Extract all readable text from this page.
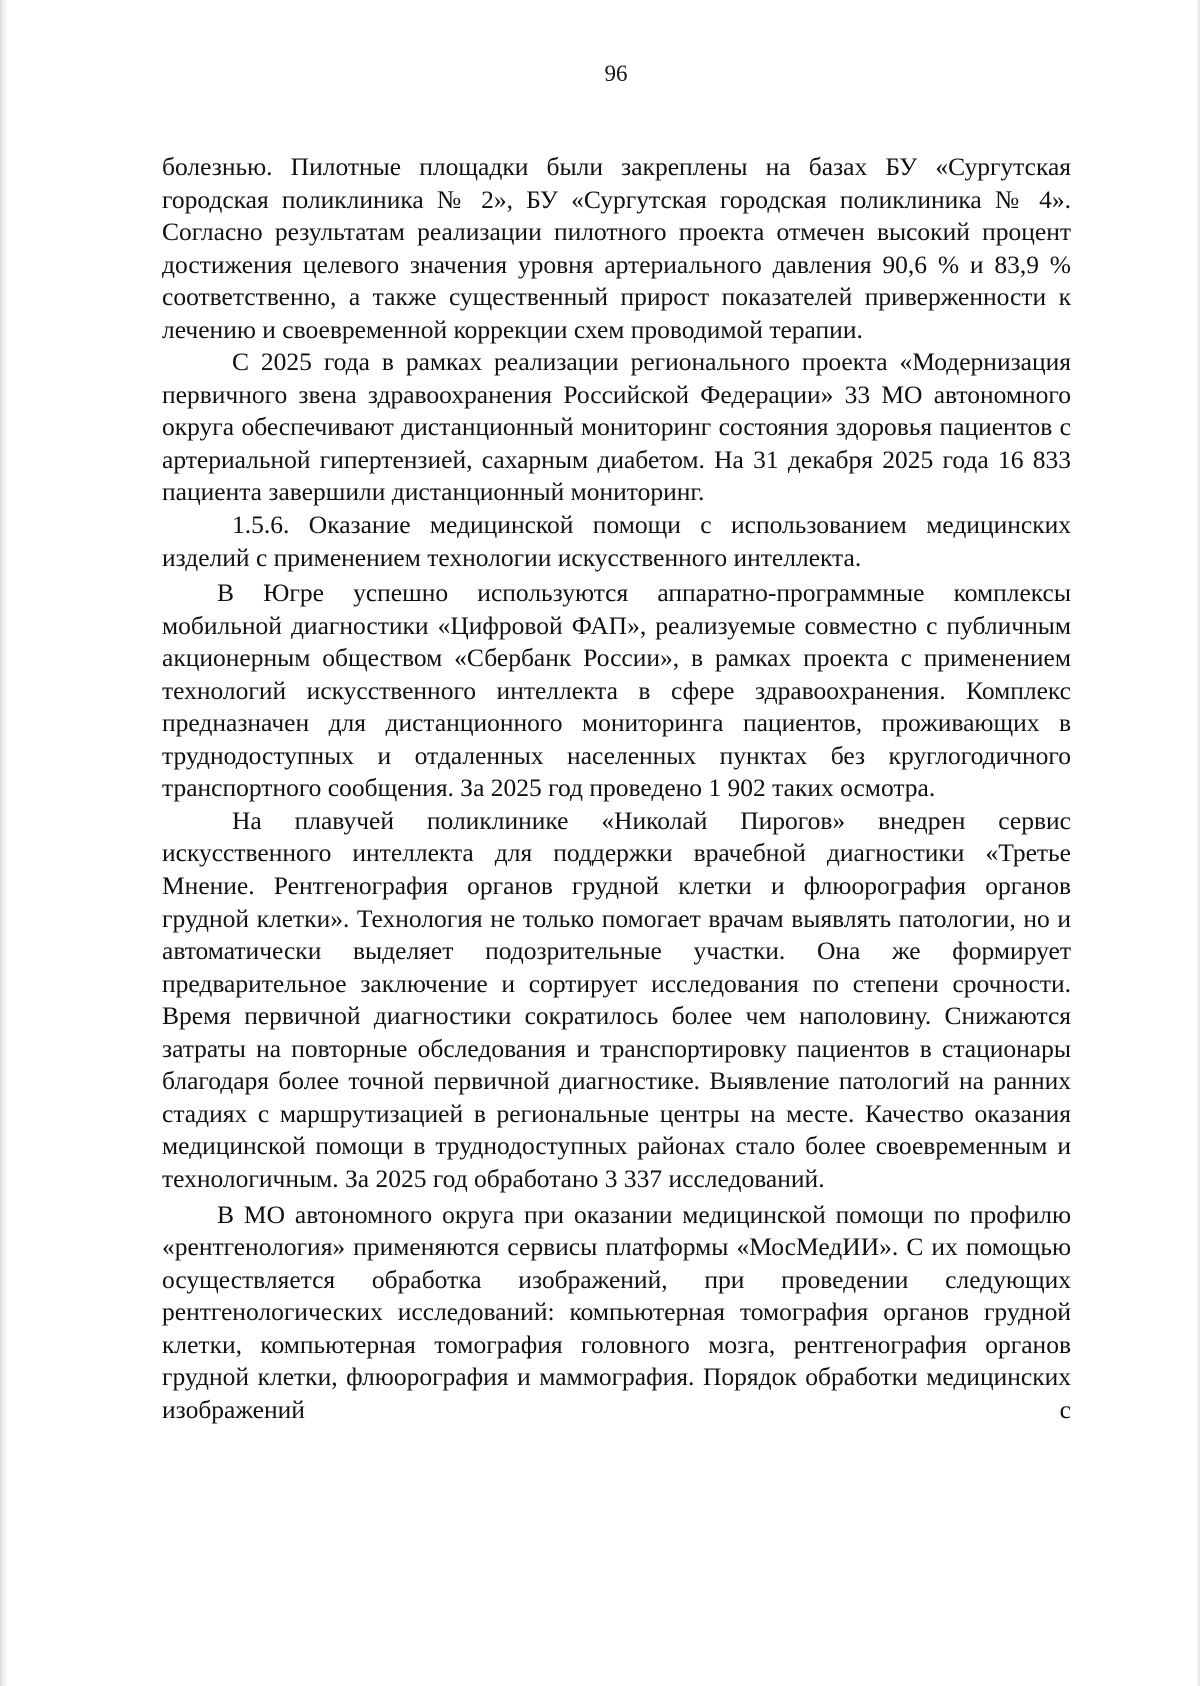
96

болезнью. Пилотные площадки были закреплены на базах БУ «Сургутская городская поликлиника № 2», БУ «Сургутская городская поликлиника № 4». Согласно результатам реализации пилотного проекта отмечен высокий процент достижения целевого значения уровня артериального давления 90,6 % и 83,9 % соответственно, а также существенный прирост показателей приверженности к лечению и своевременной коррекции схем проводимой терапии.

С 2025 года в рамках реализации регионального проекта «Модернизация первичного звена здравоохранения Российской Федерации» 33 МО автономного округа обеспечивают дистанционный мониторинг состояния здоровья пациентов с артериальной гипертензией, сахарным диабетом. На 31 декабря 2025 года 16 833 пациента завершили дистанционный мониторинг.

1.5.6. Оказание медицинской помощи с использованием медицинских изделий с применением технологии искусственного интеллекта.

В Югре успешно используются аппаратно-программные комплексы мобильной диагностики «Цифровой ФАП», реализуемые совместно с публичным акционерным обществом «Сбербанк России», в рамках проекта с применением технологий искусственного интеллекта в сфере здравоохранения. Комплекс предназначен для дистанционного мониторинга пациентов, проживающих в труднодоступных и отдаленных населенных пунктах без круглогодичного транспортного сообщения. За 2025 год проведено 1 902 таких осмотра.

На плавучей поликлинике «Николай Пирогов» внедрен сервис искусственного интеллекта для поддержки врачебной диагностики «Третье Мнение. Рентгенография органов грудной клетки и флюорография органов грудной клетки». Технология не только помогает врачам выявлять патологии, но и автоматически выделяет подозрительные участки. Она же формирует предварительное заключение и сортирует исследования по степени срочности. Время первичной диагностики сократилось более чем наполовину. Снижаются затраты на повторные обследования и транспортировку пациентов в стационары благодаря более точной первичной диагностике. Выявление патологий на ранних стадиях с маршрутизацией в региональные центры на месте. Качество оказания медицинской помощи в труднодоступных районах стало более своевременным и технологичным. За 2025 год обработано 3 337 исследований.

В МО автономного округа при оказании медицинской помощи по профилю «рентгенология» применяются сервисы платформы «МосМедИИ». С их помощью осуществляется обработка изображений, при проведении следующих рентгенологических исследований: компьютерная томография органов грудной клетки, компьютерная томография головного мозга, рентгенография органов грудной клетки, флюорография и маммография. Порядок обработки медицинских изображений с
